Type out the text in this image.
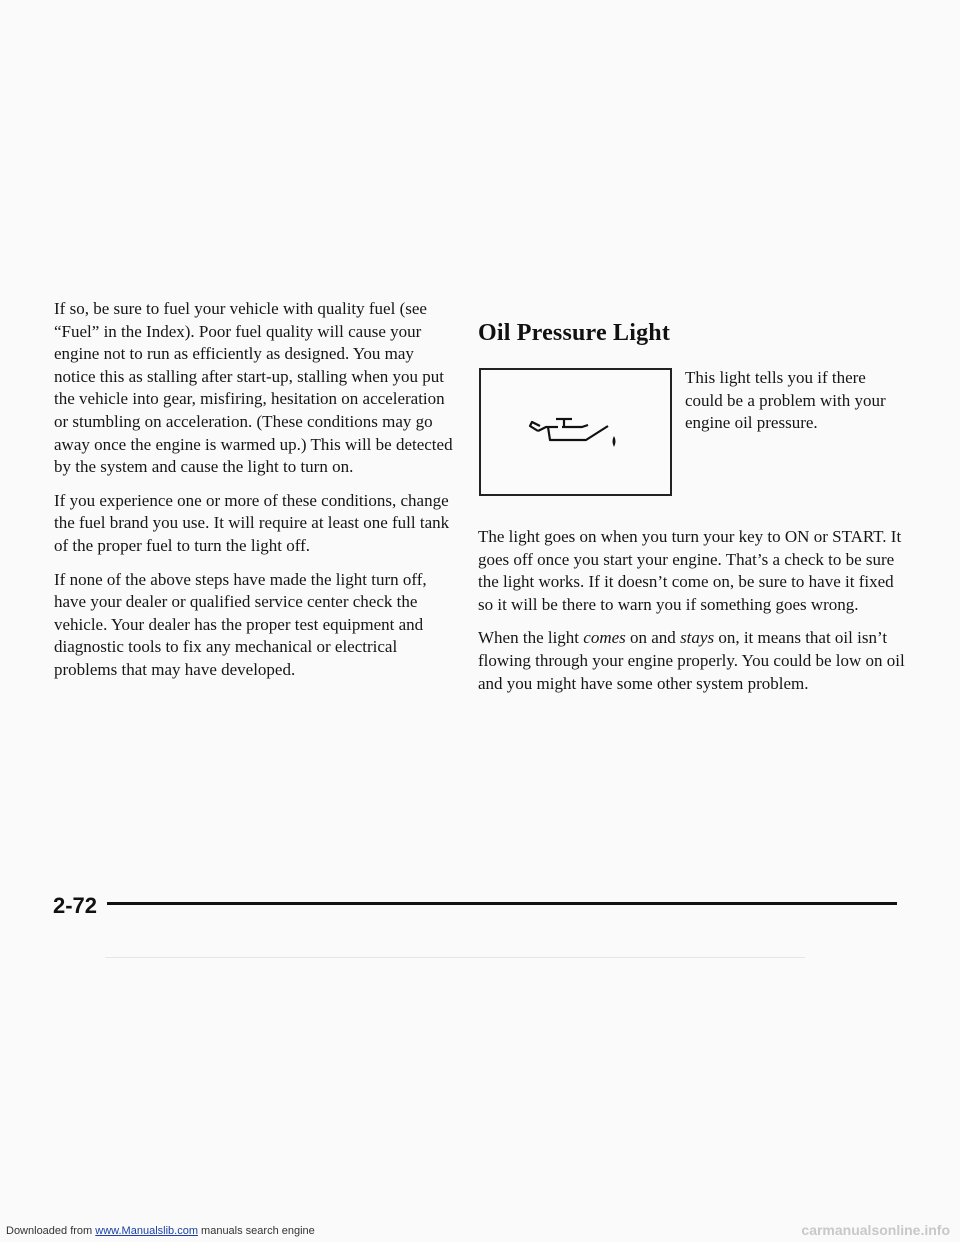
If so, be sure to fuel your vehicle with quality fuel (see “Fuel” in the Index). Poor fuel quality will cause your engine not to run as efficiently as designed. You may notice this as stalling after start-up, stalling when you put the vehicle into gear, misfiring, hesitation on acceleration or stumbling on acceleration. (These conditions may go away once the engine is warmed up.) This will be detected by the system and cause the light to turn on.

If you experience one or more of these conditions, change the fuel brand you use. It will require at least one full tank of the proper fuel to turn the light off.

If none of the above steps have made the light turn off, have your dealer or qualified service center check the vehicle. Your dealer has the proper test equipment and diagnostic tools to fix any mechanical or electrical problems that may have developed.

Oil Pressure Light
This light tells you if there could be a problem with your engine oil pressure.

The light goes on when you turn your key to ON or START. It goes off once you start your engine. That’s a check to be sure the light works. If it doesn’t come on, be sure to have it fixed so it will be there to warn you if something goes wrong.

When the light comes on and stays on, it means that oil isn’t flowing through your engine properly. You could be low on oil and you might have some other system problem.

2-72
Downloaded from www.Manualslib.com manuals search engine	carmanualsonline.info
